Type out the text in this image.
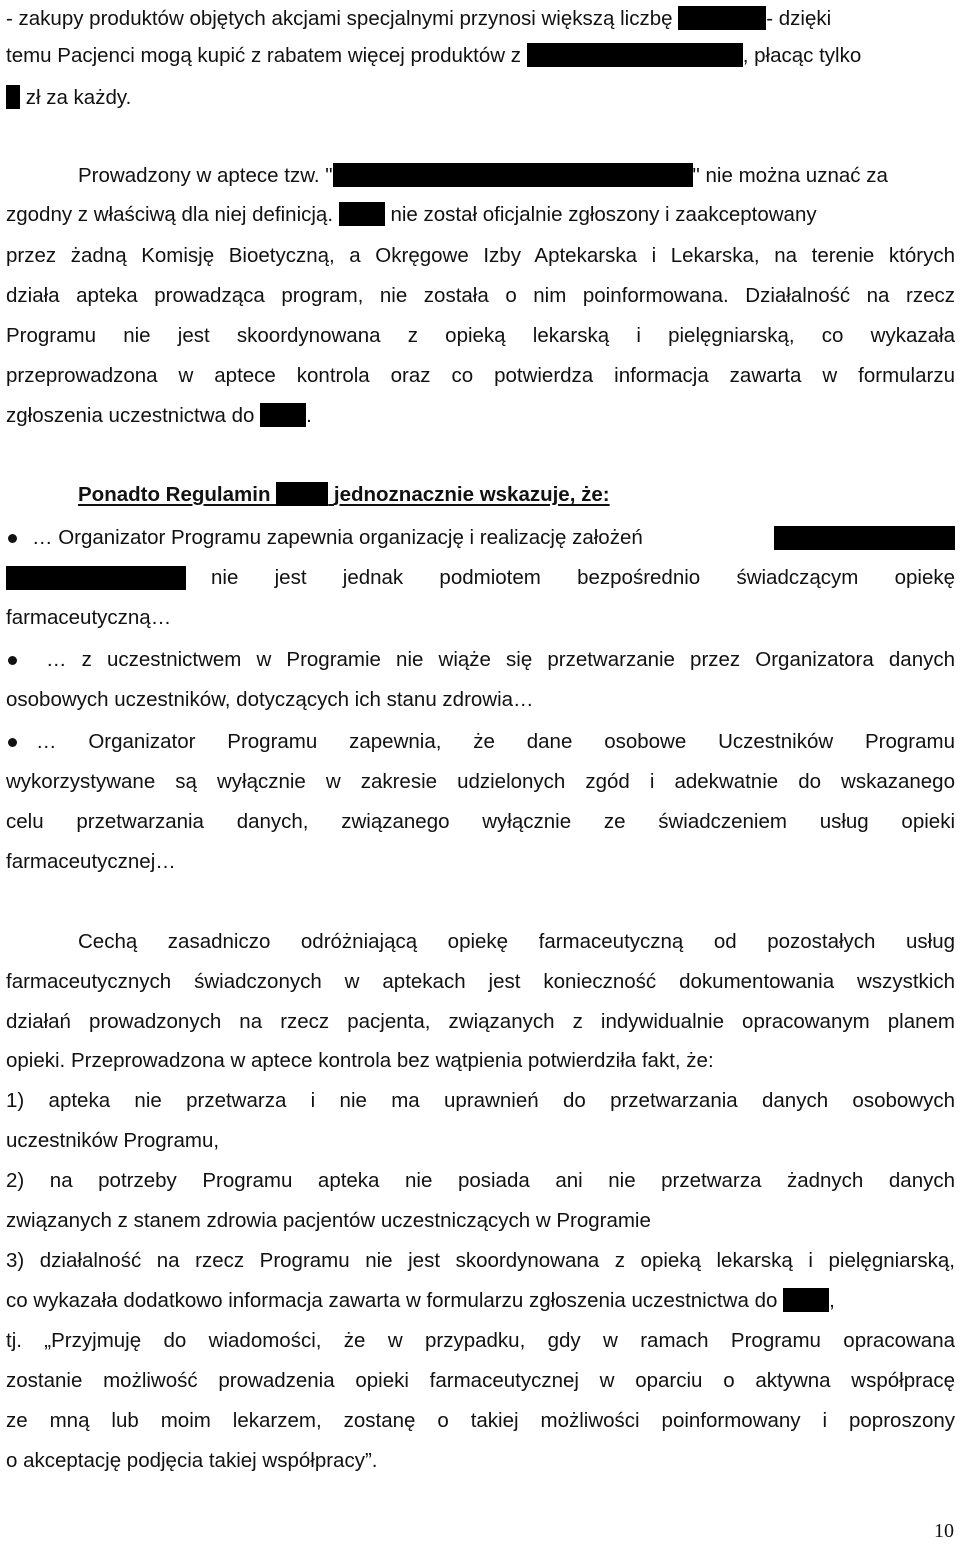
- zakupy produktów objętych akcjami specjalnymi przynosi większą liczbę	- dzięki
temu Pacjenci mogą kupić z rabatem więcej produktów z	, płacąc tylko
zł za każdy.
Prowadzony w aptece tzw. "	" nie można uznać za
zgodny z właściwą dla niej definicją.	nie został oficjalnie zgłoszony i zaakceptowany
przez żadną Komisję Bioetyczną, a Okręgowe Izby Aptekarska i Lekarska, na terenie których
działa apteka prowadząca program, nie została o nim poinformowana. Działalność na rzecz
Programu nie jest skoordynowana z opieką lekarską i pielęgniarską, co wykazała
przeprowadzona w aptece kontrola oraz co potwierdza informacja zawarta w formularzu
zgłoszenia uczestnictwa do	.
Ponadto Regulamin	jednoznacznie wskazuje, że:
… Organizator Programu zapewnia organizację i realizację założeń
nie jest jednak podmiotem bezpośrednio świadczącym opiekę
farmaceutyczną…
… z uczestnictwem w Programie nie wiąże się przetwarzanie przez Organizatora danych
osobowych uczestników, dotyczących ich stanu zdrowia…
… Organizator Programu zapewnia, że dane osobowe Uczestników Programu
wykorzystywane są wyłącznie w zakresie udzielonych zgód i adekwatnie do wskazanego
celu przetwarzania danych, związanego wyłącznie ze świadczeniem usług opieki
farmaceutycznej…
Cechą zasadniczo odróżniającą opiekę farmaceutyczną od pozostałych usług
farmaceutycznych świadczonych w aptekach jest konieczność dokumentowania wszystkich
działań prowadzonych na rzecz pacjenta, związanych z indywidualnie opracowanym planem
opieki. Przeprowadzona w aptece kontrola bez wątpienia potwierdziła fakt, że:
1) apteka nie przetwarza i nie ma uprawnień do przetwarzania danych osobowych
uczestników Programu,
2) na potrzeby Programu apteka nie posiada ani nie przetwarza żadnych danych
związanych z stanem zdrowia pacjentów uczestniczących w Programie
3) działalność na rzecz Programu nie jest skoordynowana z opieką lekarską i pielęgniarską,
co wykazała dodatkowo informacja zawarta w formularzu zgłoszenia uczestnictwa do	,
tj. „Przyjmuję do wiadomości, że w przypadku, gdy w ramach Programu opracowana
zostanie możliwość prowadzenia opieki farmaceutycznej w oparciu o aktywna współpracę
ze mną lub moim lekarzem, zostanę o takiej możliwości poinformowany i poproszony
o akceptację podjęcia takiej współpracy”.
10
